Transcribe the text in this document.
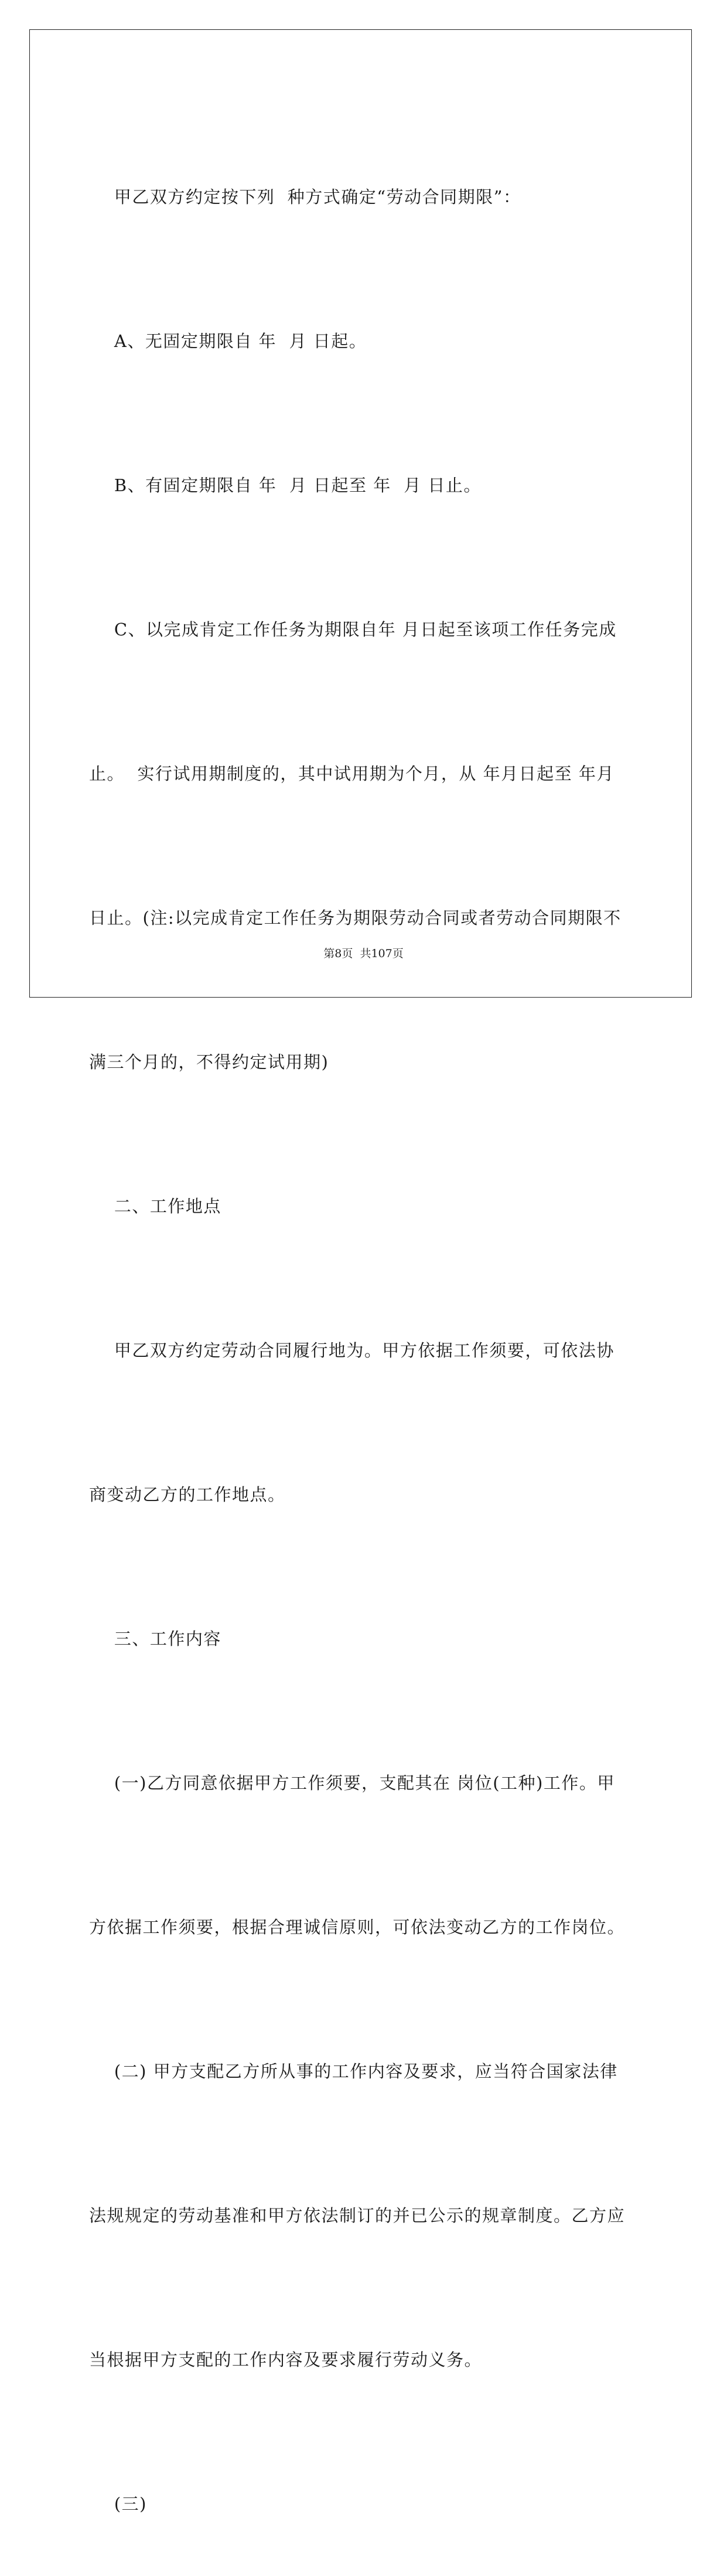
甲乙双方约定按下列  种方式确定“劳动合同期限”：

A、无固定期限自 年  月 日起。

B、有固定期限自 年  月 日起至 年  月 日止。

C、以完成肯定工作任务为期限自年 月日起至该项工作任务完成

止。  实行试用期制度的，其中试用期为个月，从 年月日起至 年月

日止。(注:以完成肯定工作任务为期限劳动合同或者劳动合同期限不

满三个月的，不得约定试用期)

二、工作地点

甲乙双方约定劳动合同履行地为。甲方依据工作须要，可依法协

商变动乙方的工作地点。

三、工作内容

(一)乙方同意依据甲方工作须要，支配其在 岗位(工种)工作。甲

方依据工作须要，根据合理诚信原则，可依法变动乙方的工作岗位。

(二) 甲方支配乙方所从事的工作内容及要求，应当符合国家法律

法规规定的劳动基准和甲方依法制订的并已公示的规章制度。乙方应

当根据甲方支配的工作内容及要求履行劳动义务。

(三)

第8页  共107页
